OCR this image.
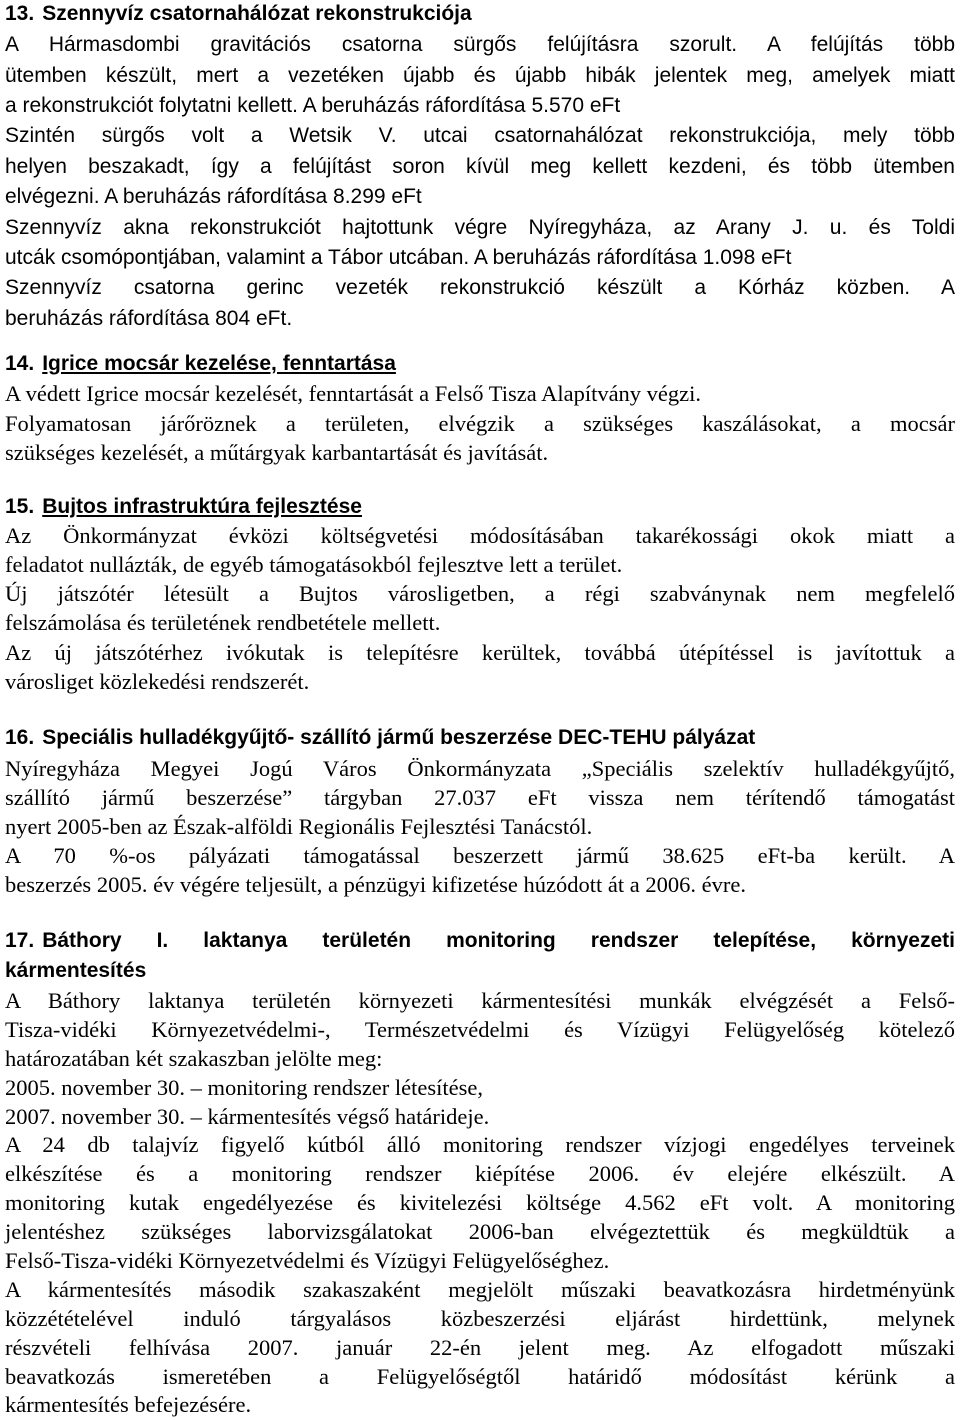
13. Szennyvíz csatornahálózat rekonstrukciója
A Hármasdombi gravitációs csatorna sürgős felújításra szorult. A felújítás több
ütemben készült, mert a vezetéken újabb és újabb hibák jelentek meg, amelyek miatt
a rekonstrukciót folytatni kellett. A beruházás ráfordítása 5.570 eFt
Szintén sürgős volt a Wetsik V. utcai csatornahálózat rekonstrukciója, mely több
helyen beszakadt, így a felújítást soron kívül meg kellett kezdeni, és több ütemben
elvégezni. A beruházás ráfordítása 8.299 eFt
Szennyvíz akna rekonstrukciót hajtottunk végre Nyíregyháza, az Arany J. u. és Toldi
utcák csomópontjában, valamint a Tábor utcában. A beruházás ráfordítása 1.098 eFt
Szennyvíz csatorna gerinc vezeték rekonstrukció készült a Kórház közben. A
beruházás ráfordítása 804 eFt.
14. Igrice mocsár kezelése, fenntartása
A védett Igrice mocsár kezelését, fenntartását a Felső Tisza Alapítvány végzi.
Folyamatosan járőröznek a területen, elvégzik a szükséges kaszálásokat, a mocsár
szükséges kezelését, a műtárgyak karbantartását és javítását.
15. Bujtos infrastruktúra fejlesztése
Az Önkormányzat évközi költségvetési módosításában takarékossági okok miatt a
feladatot nullázták, de egyéb támogatásokból fejlesztve lett a terület.
Új játszótér létesült a Bujtos városligetben, a régi szabványnak nem megfelelő
felszámolása és területének rendbetétele mellett.
Az új játszótérhez ivókutak is telepítésre kerültek, továbbá útépítéssel is javítottuk a
városliget közlekedési rendszerét.
16. Speciális hulladékgyűjtő- szállító jármű beszerzése DEC-TEHU pályázat
Nyíregyháza Megyei Jogú Város Önkormányzata „Speciális szelektív hulladékgyűjtő,
szállító jármű beszerzése” tárgyban 27.037 eFt vissza nem térítendő támogatást
nyert 2005-ben az Észak-alföldi Regionális Fejlesztési Tanácstól.
A 70 %-os pályázati támogatással beszerzett jármű 38.625 eFt-ba került. A
beszerzés 2005. év végére teljesült, a pénzügyi kifizetése húzódott át a 2006. évre.
17. Báthory I. laktanya területén monitoring rendszer telepítése, környezeti
kármentesítés
A Báthory laktanya területén környezeti kármentesítési munkák elvégzését a Felső-
Tisza-vidéki Környezetvédelmi-, Természetvédelmi és Vízügyi Felügyelőség kötelező
határozatában két szakaszban jelölte meg:
2005. november 30. – monitoring rendszer létesítése,
2007. november 30. – kármentesítés végső határideje.
A 24 db talajvíz figyelő kútból álló monitoring rendszer vízjogi engedélyes terveinek
elkészítése és a monitoring rendszer kiépítése 2006. év elejére elkészült. A
monitoring kutak engedélyezése és kivitelezési költsége 4.562 eFt volt. A monitoring
jelentéshez szükséges laborvizsgálatokat 2006-ban elvégeztettük és megküldtük a
Felső-Tisza-vidéki Környezetvédelmi és Vízügyi Felügyelőséghez.
A kármentesítés második szakaszaként megjelölt műszaki beavatkozásra hirdetményünk
közzétételével induló tárgyalásos közbeszerzési eljárást hirdettünk, melynek
részvételi felhívása 2007. január 22-én jelent meg. Az elfogadott műszaki
beavatkozás ismeretében a Felügyelőségtől határidő módosítást kérünk a
kármentesítés befejezésére.
